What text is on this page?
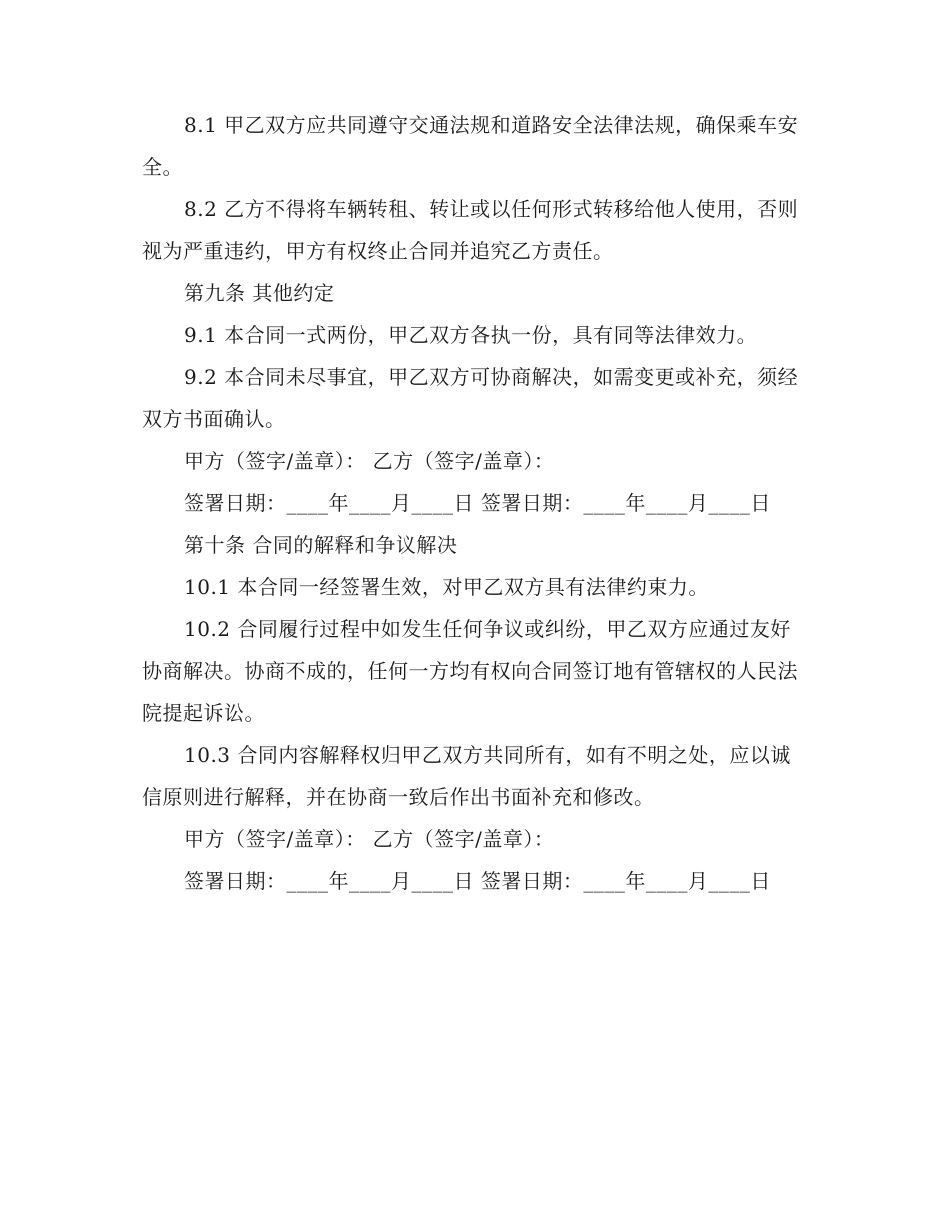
8.1 甲乙双方应共同遵守交通法规和道路安全法律法规，确保乘车安全。

8.2 乙方不得将车辆转租、转让或以任何形式转移给他人使用，否则视为严重违约，甲方有权终止合同并追究乙方责任。

第九条 其他约定

9.1 本合同一式两份，甲乙双方各执一份，具有同等法律效力。

9.2 本合同未尽事宜，甲乙双方可协商解决，如需变更或补充，须经双方书面确认。

甲方（签字/盖章）： 乙方（签字/盖章）：

签署日期：____年____月____日 签署日期：____年____月____日

第十条 合同的解释和争议解决

10.1 本合同一经签署生效，对甲乙双方具有法律约束力。

10.2 合同履行过程中如发生任何争议或纠纷，甲乙双方应通过友好协商解决。协商不成的，任何一方均有权向合同签订地有管辖权的人民法院提起诉讼。

10.3 合同内容解释权归甲乙双方共同所有，如有不明之处，应以诚信原则进行解释，并在协商一致后作出书面补充和修改。

甲方（签字/盖章）： 乙方（签字/盖章）：

签署日期：____年____月____日 签署日期：____年____月____日
